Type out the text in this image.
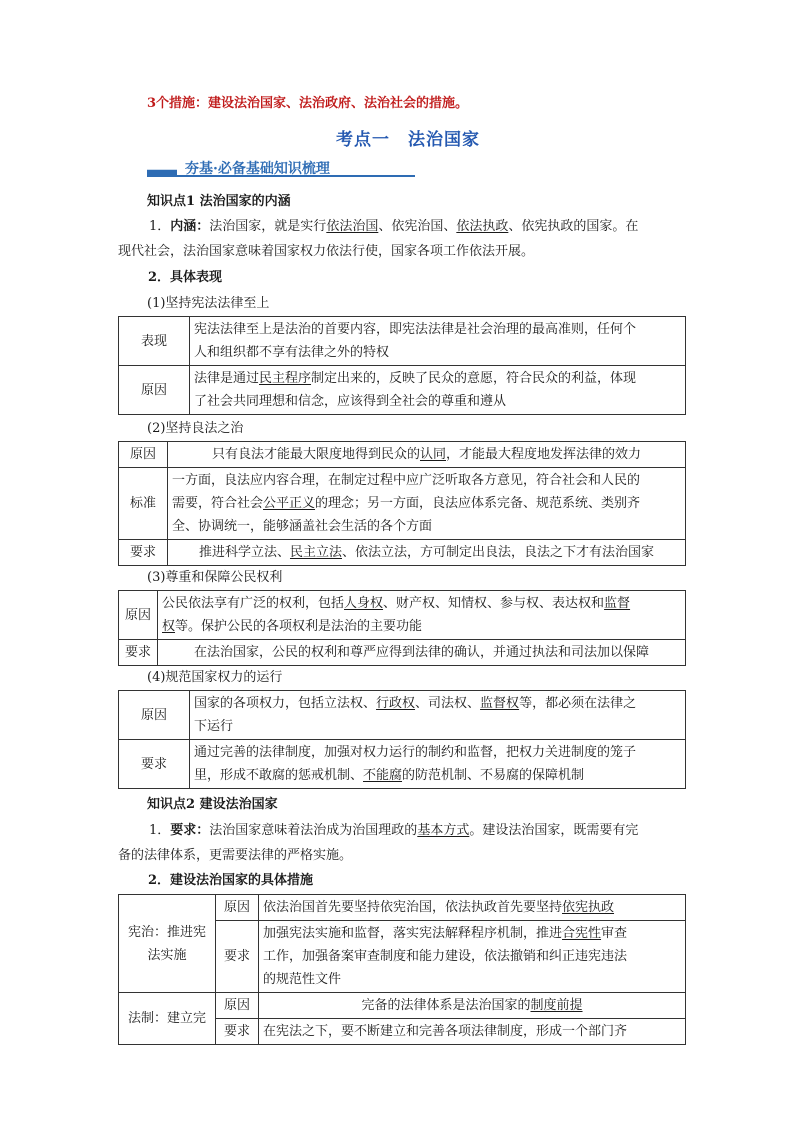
3个措施：建设法治国家、法治政府、法治社会的措施。
考点一　法治国家
夯基·必备基础知识梳理
知识点1 法治国家的内涵
1．内涵：法治国家，就是实行依法治国、依宪治国、依法执政、依宪执政的国家。在
现代社会，法治国家意味着国家权力依法行使，国家各项工作依法开展。
2．具体表现
(1)坚持宪法法律至上
表现	宪法法律至上是法治的首要内容，即宪法法律是社会治理的最高准则，任何个
人和组织都不享有法律之外的特权

原因	法律是通过民主程序制定出来的，反映了民众的意愿，符合民众的利益，体现
了社会共同理想和信念，应该得到全社会的尊重和遵从
(2)坚持良法之治
原因	只有良法才能最大限度地得到民众的认同，才能最大程度地发挥法律的效力
标准	一方面，良法应内容合理，在制定过程中应广泛听取各方意见，符合社会和人民的
需要，符合社会公平正义的理念；另一方面，良法应体系完备、规范系统、类别齐
全、协调统一，能够涵盖社会生活的各个方面

要求	推进科学立法、民主立法、依法立法，方可制定出良法，良法之下才有法治国家
(3)尊重和保障公民权利
原因	公民依法享有广泛的权利，包括人身权、财产权、知情权、参与权、表达权和监督
权等。保护公民的各项权利是法治的主要功能

要求	在法治国家，公民的权利和尊严应得到法律的确认，并通过执法和司法加以保障
(4)规范国家权力的运行
原因	国家的各项权力，包括立法权、行政权、司法权、监督权等，都必须在法律之
下运行

要求	通过完善的法律制度，加强对权力运行的制约和监督，把权力关进制度的笼子
里，形成不敢腐的惩戒机制、不能腐的防范机制、不易腐的保障机制
知识点2 建设法治国家
1．要求：法治国家意味着法治成为治国理政的基本方式。建设法治国家，既需要有完
备的法律体系，更需要法律的严格实施。
2．建设法治国家的具体措施
宪治：推进宪
法实施	原因	依法治国首先要坚持依宪治国，依法执政首先要坚持依宪执政
	要求	加强宪法实施和监督，落实宪法解释程序机制，推进合宪性审查
工作，加强备案审查制度和能力建设，依法撤销和纠正违宪违法
的规范性文件

法制：建立完	原因	完备的法律体系是法治国家的制度前提
	要求	在宪法之下，要不断建立和完善各项法律制度，形成一个部门齐
